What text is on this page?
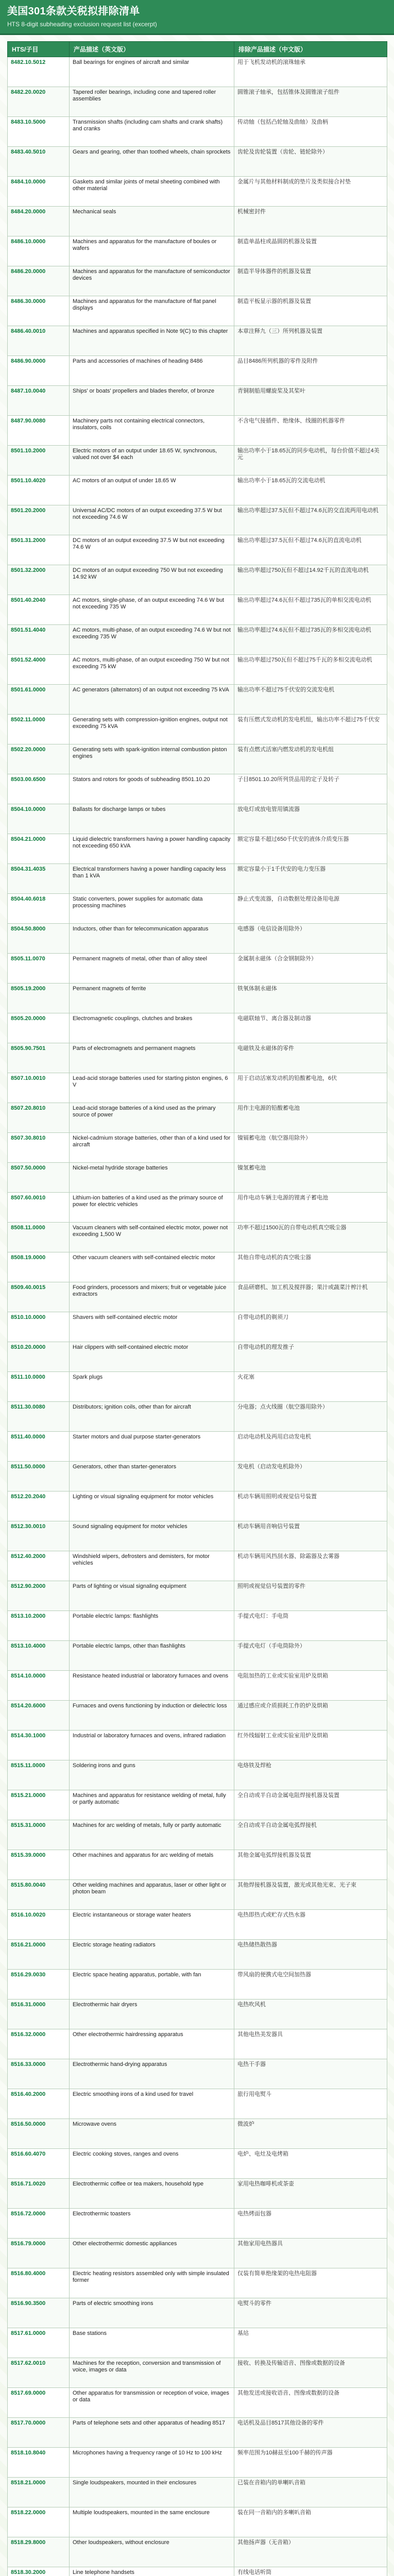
美国301条款关税拟排除清单
HTS 8-digit subheading exclusion request list (excerpt)
HTS/子目	产品描述（英文版）	排除产品描述（中文版）
8482.10.5012	Ball bearings for engines of aircraft and similar	用于飞机发动机的滚珠轴承
8482.20.0020	Tapered roller bearings, including cone and tapered roller assemblies	圆锥滚子轴承，包括锥体及圆锥滚子组件
8483.10.5000	Transmission shafts (including cam shafts and crank shafts) and cranks	传动轴（包括凸轮轴及曲轴）及曲柄
8483.40.5010	Gears and gearing, other than toothed wheels, chain sprockets	齿轮及齿轮装置（齿轮、链轮除外）
8484.10.0000	Gaskets and similar joints of metal sheeting combined with other material	金属片与其他材料制成的垫片及类似接合衬垫
8484.20.0000	Mechanical seals	机械密封件
8486.10.0000	Machines and apparatus for the manufacture of boules or wafers	制造单晶柱或晶圆的机器及装置
8486.20.0000	Machines and apparatus for the manufacture of semiconductor devices	制造半导体器件的机器及装置
8486.30.0000	Machines and apparatus for the manufacture of flat panel displays	制造平板显示器的机器及装置
8486.40.0010	Machines and apparatus specified in Note 9(C) to this chapter	本章注释九（三）所列机器及装置
8486.90.0000	Parts and accessories of machines of heading 8486	品目8486所列机器的零件及附件
8487.10.0040	Ships' or boats' propellers and blades therefor, of bronze	青铜制船用螺旋桨及其桨叶
8487.90.0080	Machinery parts not containing electrical connectors, insulators, coils	不含电气接插件、绝缘体、线圈的机器零件
8501.10.2000	Electric motors of an output under 18.65 W, synchronous, valued not over $4 each	输出功率小于18.65瓦的同步电动机，每台价值不超过4美元
8501.10.4020	AC motors of an output of under 18.65 W	输出功率小于18.65瓦的交流电动机
8501.20.2000	Universal AC/DC motors of an output exceeding 37.5 W but not exceeding 74.6 W	输出功率超过37.5瓦但不超过74.6瓦的交直流两用电动机
8501.31.2000	DC motors of an output exceeding 37.5 W but not exceeding 74.6 W	输出功率超过37.5瓦但不超过74.6瓦的直流电动机
8501.32.2000	DC motors of an output exceeding 750 W but not exceeding 14.92 kW	输出功率超过750瓦但不超过14.92千瓦的直流电动机
8501.40.2040	AC motors, single-phase, of an output exceeding 74.6 W but not exceeding 735 W	输出功率超过74.6瓦但不超过735瓦的单相交流电动机
8501.51.4040	AC motors, multi-phase, of an output exceeding 74.6 W but not exceeding 735 W	输出功率超过74.6瓦但不超过735瓦的多相交流电动机
8501.52.4000	AC motors, multi-phase, of an output exceeding 750 W but not exceeding 75 kW	输出功率超过750瓦但不超过75千瓦的多相交流电动机
8501.61.0000	AC generators (alternators) of an output not exceeding 75 kVA	输出功率不超过75千伏安的交流发电机
8502.11.0000	Generating sets with compression-ignition engines, output not exceeding 75 kVA	装有压燃式发动机的发电机组，输出功率不超过75千伏安
8502.20.0000	Generating sets with spark-ignition internal combustion piston engines	装有点燃式活塞内燃发动机的发电机组
8503.00.6500	Stators and rotors for goods of subheading 8501.10.20	子目8501.10.20所列货品用的定子及转子
8504.10.0000	Ballasts for discharge lamps or tubes	放电灯或放电管用镇流器
8504.21.0000	Liquid dielectric transformers having a power handling capacity not exceeding 650 kVA	额定容量不超过650千伏安的液体介质变压器
8504.31.4035	Electrical transformers having a power handling capacity less than 1 kVA	额定容量小于1千伏安的电力变压器
8504.40.6018	Static converters, power supplies for automatic data processing machines	静止式变流器，自动数据处理设备用电源
8504.50.8000	Inductors, other than for telecommunication apparatus	电感器（电信设备用除外）
8505.11.0070	Permanent magnets of metal, other than of alloy steel	金属制永磁体（合金钢制除外）
8505.19.2000	Permanent magnets of ferrite	铁氧体制永磁体
8505.20.0000	Electromagnetic couplings, clutches and brakes	电磁联轴节、离合器及制动器
8505.90.7501	Parts of electromagnets and permanent magnets	电磁铁及永磁体的零件
8507.10.0010	Lead-acid storage batteries used for starting piston engines, 6 V	用于启动活塞发动机的铅酸蓄电池，6伏
8507.20.8010	Lead-acid storage batteries of a kind used as the primary source of power	用作主电源的铅酸蓄电池
8507.30.8010	Nickel-cadmium storage batteries, other than of a kind used for aircraft	镍镉蓄电池（航空器用除外）
8507.50.0000	Nickel-metal hydride storage batteries	镍氢蓄电池
8507.60.0010	Lithium-ion batteries of a kind used as the primary source of power for electric vehicles	用作电动车辆主电源的锂离子蓄电池
8508.11.0000	Vacuum cleaners with self-contained electric motor, power not exceeding 1,500 W	功率不超过1500瓦的自带电动机真空吸尘器
8508.19.0000	Other vacuum cleaners with self-contained electric motor	其他自带电动机的真空吸尘器
8509.40.0015	Food grinders, processors and mixers; fruit or vegetable juice extractors	食品研磨机、加工机及搅拌器；果汁或蔬菜汁榨汁机
8510.10.0000	Shavers with self-contained electric motor	自带电动机的剃须刀
8510.20.0000	Hair clippers with self-contained electric motor	自带电动机的理发推子
8511.10.0000	Spark plugs	火花塞
8511.30.0080	Distributors; ignition coils, other than for aircraft	分电器；点火线圈（航空器用除外）
8511.40.0000	Starter motors and dual purpose starter-generators	启动电动机及两用启动发电机
8511.50.0000	Generators, other than starter-generators	发电机（启动发电机除外）
8512.20.2040	Lighting or visual signaling equipment for motor vehicles	机动车辆用照明或视觉信号装置
8512.30.0010	Sound signaling equipment for motor vehicles	机动车辆用音响信号装置
8512.40.2000	Windshield wipers, defrosters and demisters, for motor vehicles	机动车辆用风挡刮水器、除霜器及去雾器
8512.90.2000	Parts of lighting or visual signaling equipment	照明或视觉信号装置的零件
8513.10.2000	Portable electric lamps: flashlights	手提式电灯：手电筒
8513.10.4000	Portable electric lamps, other than flashlights	手提式电灯（手电筒除外）
8514.10.0000	Resistance heated industrial or laboratory furnaces and ovens	电阻加热的工业或实验室用炉及烘箱
8514.20.6000	Furnaces and ovens functioning by induction or dielectric loss	通过感应或介质损耗工作的炉及烘箱
8514.30.1000	Industrial or laboratory furnaces and ovens, infrared radiation	红外线辐射工业或实验室用炉及烘箱
8515.11.0000	Soldering irons and guns	电烙铁及焊枪
8515.21.0000	Machines and apparatus for resistance welding of metal, fully or partly automatic	全自动或半自动金属电阻焊接机器及装置
8515.31.0000	Machines for arc welding of metals, fully or partly automatic	全自动或半自动金属电弧焊接机
8515.39.0000	Other machines and apparatus for arc welding of metals	其他金属电弧焊接机器及装置
8515.80.0040	Other welding machines and apparatus, laser or other light or photon beam	其他焊接机器及装置，激光或其他光束、光子束
8516.10.0020	Electric instantaneous or storage water heaters	电热即热式或贮存式热水器
8516.21.0000	Electric storage heating radiators	电热储热散热器
8516.29.0030	Electric space heating apparatus, portable, with fan	带风扇的便携式电空间加热器
8516.31.0000	Electrothermic hair dryers	电热吹风机
8516.32.0000	Other electrothermic hairdressing apparatus	其他电热美发器具
8516.33.0000	Electrothermic hand-drying apparatus	电热干手器
8516.40.2000	Electric smoothing irons of a kind used for travel	旅行用电熨斗
8516.50.0000	Microwave ovens	微波炉
8516.60.4070	Electric cooking stoves, ranges and ovens	电炉、电灶及电烤箱
8516.71.0020	Electrothermic coffee or tea makers, household type	家用电热咖啡机或茶壶
8516.72.0000	Electrothermic toasters	电热烤面包器
8516.79.0000	Other electrothermic domestic appliances	其他家用电热器具
8516.80.4000	Electric heating resistors assembled only with simple insulated former	仅装有简单绝缘架的电热电阻器
8516.90.3500	Parts of electric smoothing irons	电熨斗的零件
8517.61.0000	Base stations	基站
8517.62.0010	Machines for the reception, conversion and transmission of voice, images or data	接收、转换及传输语音、图像或数据的设备
8517.69.0000	Other apparatus for transmission or reception of voice, images or data	其他发送或接收语音、图像或数据的设备
8517.70.0000	Parts of telephone sets and other apparatus of heading 8517	电话机及品目8517其他设备的零件
8518.10.8040	Microphones having a frequency range of 10 Hz to 100 kHz	频率范围为10赫兹至100千赫的传声器
8518.21.0000	Single loudspeakers, mounted in their enclosures	已装在音箱内的单喇叭音箱
8518.22.0000	Multiple loudspeakers, mounted in the same enclosure	装在同一音箱内的多喇叭音箱
8518.29.8000	Other loudspeakers, without enclosure	其他扬声器（无音箱）
8518.30.2000	Line telephone handsets	有线电话听筒
